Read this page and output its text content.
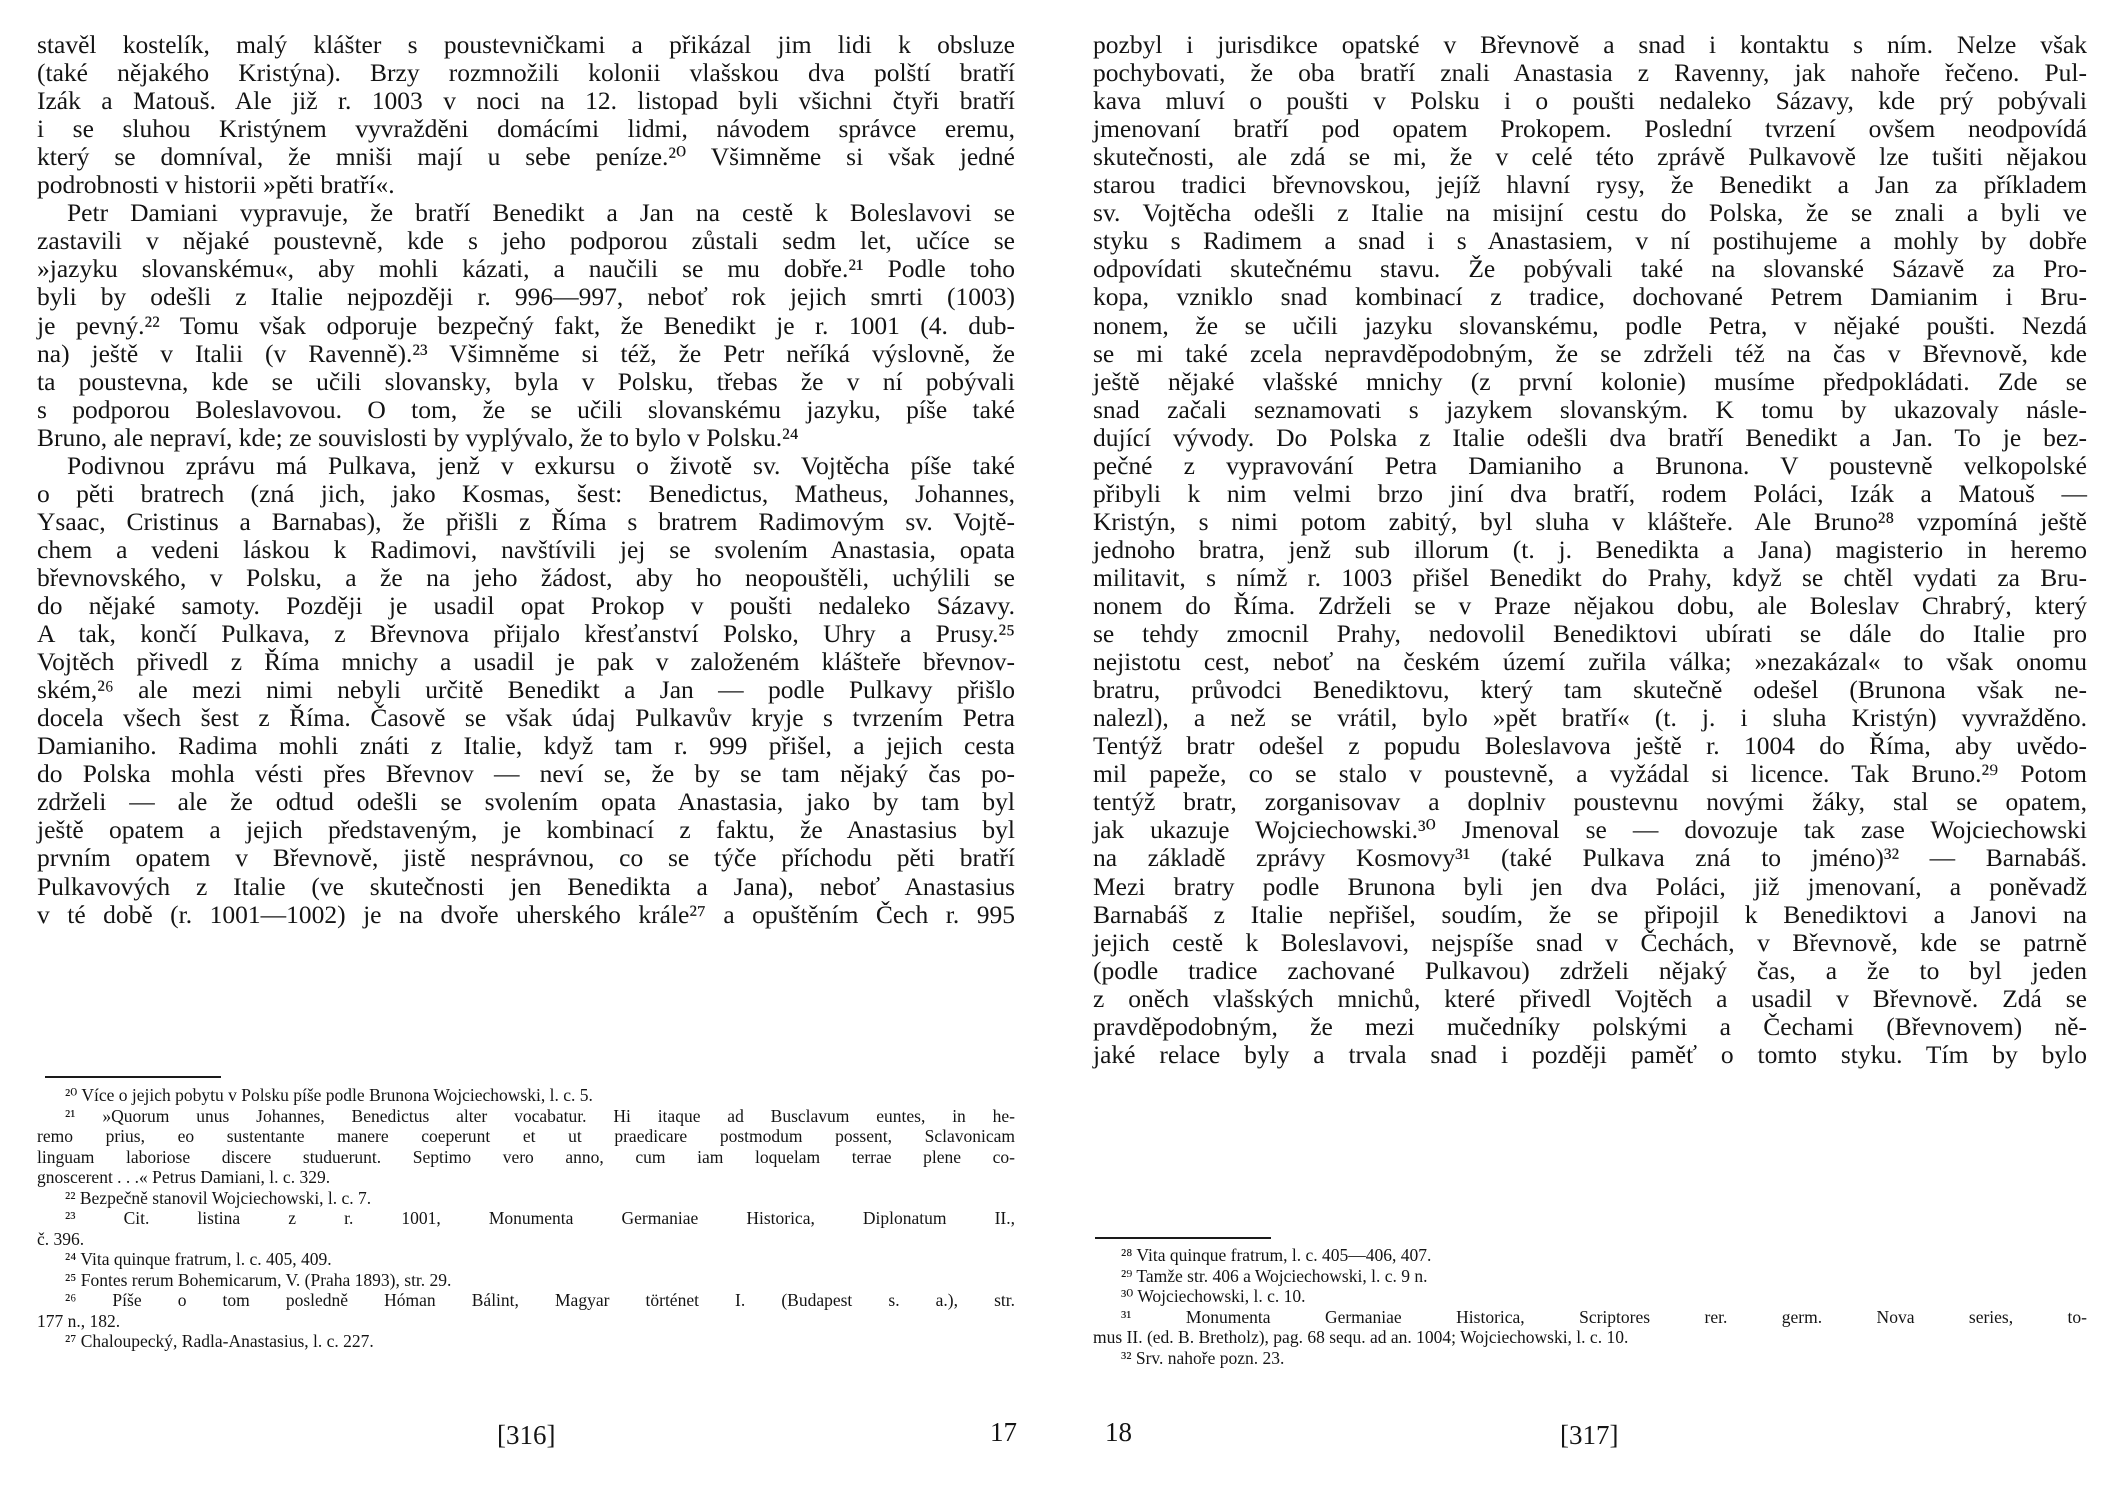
stavěl kostelík, malý klášter s poustevničkami a přikázal jim lidi k obsluze
(také nějakého Kristýna). Brzy rozmnožili kolonii vlašskou dva polští bratří
Izák a Matouš. Ale již r. 1003 v noci na 12. listopad byli všichni čtyři bratří
i se sluhou Kristýnem vyvražděni domácími lidmi, návodem správce eremu,
který se domníval, že mniši mají u sebe peníze.²⁰ Všimněme si však jedné
podrobnosti v historii »pěti bratří«.
Petr Damiani vypravuje, že bratří Benedikt a Jan na cestě k Boleslavovi se
zastavili v nějaké poustevně, kde s jeho podporou zůstali sedm let, učíce se
»jazyku slovanskému«, aby mohli kázati, a naučili se mu dobře.²¹ Podle toho
byli by odešli z Italie nejpozději r. 996—997, neboť rok jejich smrti (1003)
je pevný.²² Tomu však odporuje bezpečný fakt, že Benedikt je r. 1001 (4. dub-
na) ještě v Italii (v Ravenně).²³ Všimněme si též, že Petr neříká výslovně, že
ta poustevna, kde se učili slovansky, byla v Polsku, třebas že v ní pobývali
s podporou Boleslavovou. O tom, že se učili slovanskému jazyku, píše také
Bruno, ale nepraví, kde; ze souvislosti by vyplývalo, že to bylo v Polsku.²⁴
Podivnou zprávu má Pulkava, jenž v exkursu o životě sv. Vojtěcha píše také
o pěti bratrech (zná jich, jako Kosmas, šest: Benedictus, Matheus, Johannes,
Ysaac, Cristinus a Barnabas), že přišli z Říma s bratrem Radimovým sv. Vojtě-
chem a vedeni láskou k Radimovi, navštívili jej se svolením Anastasia, opata
břevnovského, v Polsku, a že na jeho žádost, aby ho neopouštěli, uchýlili se
do nějaké samoty. Později je usadil opat Prokop v poušti nedaleko Sázavy.
A tak, končí Pulkava, z Břevnova přijalo křesťanství Polsko, Uhry a Prusy.²⁵
Vojtěch přivedl z Říma mnichy a usadil je pak v založeném klášteře břevnov-
ském,²⁶ ale mezi nimi nebyli určitě Benedikt a Jan — podle Pulkavy přišlo
docela všech šest z Říma. Časově se však údaj Pulkavův kryje s tvrzením Petra
Damianiho. Radima mohli znáti z Italie, když tam r. 999 přišel, a jejich cesta
do Polska mohla vésti přes Břevnov — neví se, že by se tam nějaký čas po-
zdrželi — ale že odtud odešli se svolením opata Anastasia, jako by tam byl
ještě opatem a jejich představeným, je kombinací z faktu, že Anastasius byl
prvním opatem v Břevnově, jistě nesprávnou, co se týče příchodu pěti bratří
Pulkavových z Italie (ve skutečnosti jen Benedikta a Jana), neboť Anastasius
v té době (r. 1001—1002) je na dvoře uherského krále²⁷ a opuštěním Čech r. 995
²⁰ Více o jejich pobytu v Polsku píše podle Brunona Wojciechowski, l. c. 5.
²¹ »Quorum unus Johannes, Benedictus alter vocabatur. Hi itaque ad Busclavum euntes, in he-
remo prius, eo sustentante manere coeperunt et ut praedicare postmodum possent, Sclavonicam
linguam laboriose discere studuerunt. Septimo vero anno, cum iam loquelam terrae plene co-
gnoscerent . . .« Petrus Damiani, l. c. 329.
²² Bezpečně stanovil Wojciechowski, l. c. 7.
²³ Cit. listina z r. 1001, Monumenta Germaniae Historica, Diplonatum II.,
č. 396.
²⁴ Vita quinque fratrum, l. c. 405, 409.
²⁵ Fontes rerum Bohemicarum, V. (Praha 1893), str. 29.
²⁶ Píše o tom posledně Hóman Bálint, Magyar történet I. (Budapest s. a.), str.
177 n., 182.
²⁷ Chaloupecký, Radla-Anastasius, l. c. 227.
pozbyl i jurisdikce opatské v Břevnově a snad i kontaktu s ním. Nelze však
pochybovati, že oba bratří znali Anastasia z Ravenny, jak nahoře řečeno. Pul-
kava mluví o poušti v Polsku i o poušti nedaleko Sázavy, kde prý pobývali
jmenovaní bratří pod opatem Prokopem. Poslední tvrzení ovšem neodpovídá
skutečnosti, ale zdá se mi, že v celé této zprávě Pulkavově lze tušiti nějakou
starou tradici břevnovskou, jejíž hlavní rysy, že Benedikt a Jan za příkladem
sv. Vojtěcha odešli z Italie na misijní cestu do Polska, že se znali a byli ve
styku s Radimem a snad i s Anastasiem, v ní postihujeme a mohly by dobře
odpovídati skutečnému stavu. Že pobývali také na slovanské Sázavě za Pro-
kopa, vzniklo snad kombinací z tradice, dochované Petrem Damianim i Bru-
nonem, že se učili jazyku slovanskému, podle Petra, v nějaké poušti. Nezdá
se mi také zcela nepravděpodobným, že se zdrželi též na čas v Břevnově, kde
ještě nějaké vlašské mnichy (z první kolonie) musíme předpokládati. Zde se
snad začali seznamovati s jazykem slovanským. K tomu by ukazovaly násle-
dující vývody. Do Polska z Italie odešli dva bratří Benedikt a Jan. To je bez-
pečné z vypravování Petra Damianiho a Brunona. V poustevně velkopolské
přibyli k nim velmi brzo jiní dva bratří, rodem Poláci, Izák a Matouš —
Kristýn, s nimi potom zabitý, byl sluha v klášteře. Ale Bruno²⁸ vzpomíná ještě
jednoho bratra, jenž sub illorum (t. j. Benedikta a Jana) magisterio in heremo
militavit, s nímž r. 1003 přišel Benedikt do Prahy, když se chtěl vydati za Bru-
nonem do Říma. Zdrželi se v Praze nějakou dobu, ale Boleslav Chrabrý, který
se tehdy zmocnil Prahy, nedovolil Benediktovi ubírati se dále do Italie pro
nejistotu cest, neboť na českém území zuřila válka; »nezakázal« to však onomu
bratru, průvodci Benediktovu, který tam skutečně odešel (Brunona však ne-
nalezl), a než se vrátil, bylo »pět bratří« (t. j. i sluha Kristýn) vyvražděno.
Tentýž bratr odešel z popudu Boleslavova ještě r. 1004 do Říma, aby uvědo-
mil papeže, co se stalo v poustevně, a vyžádal si licence. Tak Bruno.²⁹ Potom
tentýž bratr, zorganisovav a doplniv poustevnu novými žáky, stal se opatem,
jak ukazuje Wojciechowski.³⁰ Jmenoval se — dovozuje tak zase Wojciechowski
na základě zprávy Kosmovy³¹ (také Pulkava zná to jméno)³² — Barnabáš.
Mezi bratry podle Brunona byli jen dva Poláci, již jmenovaní, a poněvadž
Barnabáš z Italie nepřišel, soudím, že se připojil k Benediktovi a Janovi na
jejich cestě k Boleslavovi, nejspíše snad v Čechách, v Břevnově, kde se patrně
(podle tradice zachované Pulkavou) zdrželi nějaký čas, a že to byl jeden
z oněch vlašských mnichů, které přivedl Vojtěch a usadil v Břevnově. Zdá se
pravděpodobným, že mezi mučedníky polskými a Čechami (Břevnovem) ně-
jaké relace byly a trvala snad i později paměť o tomto styku. Tím by bylo
²⁸ Vita quinque fratrum, l. c. 405—406, 407.
²⁹ Tamže str. 406 a Wojciechowski, l. c. 9 n.
³⁰ Wojciechowski, l. c. 10.
³¹ Monumenta Germaniae Historica, Scriptores rer. germ. Nova series, to-
mus II. (ed. B. Bretholz), pag. 68 sequ. ad an. 1004; Wojciechowski, l. c. 10.
³² Srv. nahoře pozn. 23.
[316]	17	18	[317]
